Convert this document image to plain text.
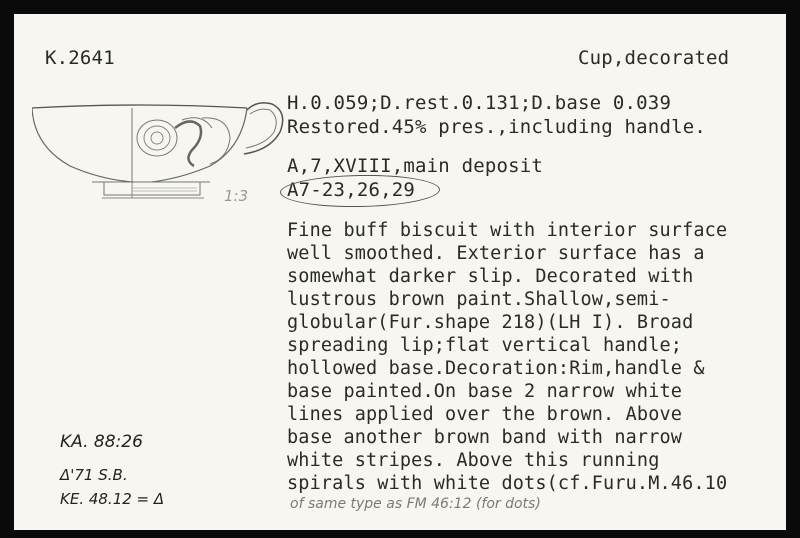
K.2641	Cup,decorated
1:3
H.0.059;D.rest.0.131;D.base 0.039
Restored.45% pres.,including handle.
A,7,XVIII,main deposit
A7-23,26,29
Fine buff biscuit with interior surface
well smoothed. Exterior surface has a
somewhat darker slip. Decorated with
lustrous brown paint.Shallow,semi-
globular(Fur.shape 218)(LH I). Broad
spreading lip;flat vertical handle;
hollowed base.Decoration:Rim,handle &
base painted.On base 2 narrow white
lines applied over the brown. Above
base another brown band with narrow
white stripes. Above this running
spirals with white dots(cf.Furu.M.46.10
of same type as FM 46:12 (for dots)
KA. 88:26
Δ'71 S.B.
KE. 48.12 = Δ
